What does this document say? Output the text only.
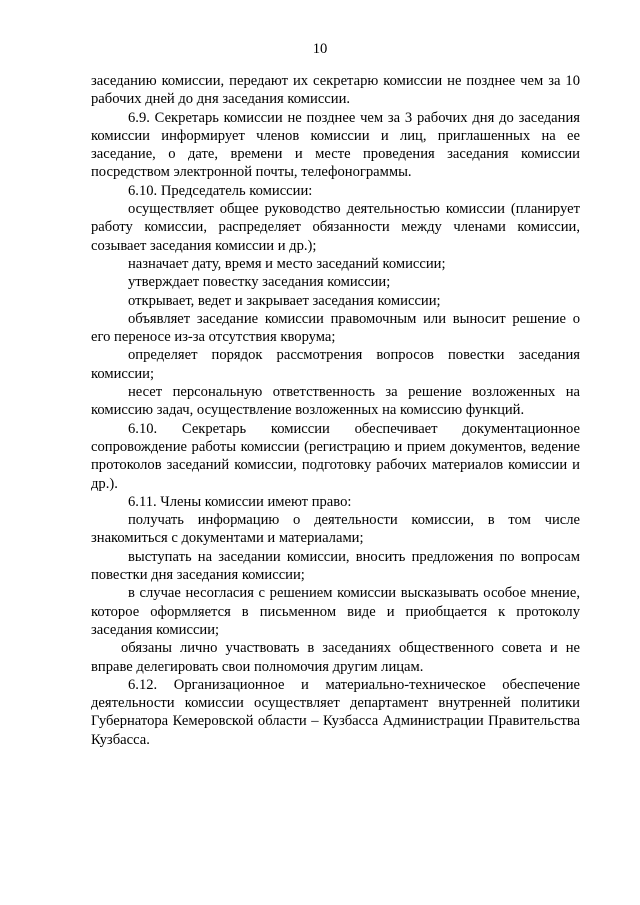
10

заседанию комиссии, передают их секретарю комиссии не позднее чем за 10 рабочих дней до дня заседания комиссии.

6.9. Секретарь комиссии не позднее чем за 3 рабочих дня до заседания комиссии информирует членов комиссии и лиц, приглашенных на ее заседание, о дате, времени и месте проведения заседания комиссии посредством электронной почты, телефонограммы.

6.10. Председатель комиссии:

осуществляет общее руководство деятельностью комиссии (планирует работу комиссии, распределяет обязанности между членами комиссии, созывает заседания комиссии и др.);

назначает дату, время и место заседаний комиссии;

утверждает повестку заседания комиссии;

открывает, ведет и закрывает заседания комиссии;

объявляет заседание комиссии правомочным или выносит решение о его переносе из-за отсутствия кворума;

определяет порядок рассмотрения вопросов повестки заседания комиссии;

несет персональную ответственность за решение возложенных на комиссию задач, осуществление возложенных на комиссию функций.

6.10. Секретарь комиссии обеспечивает документационное сопровождение работы комиссии (регистрацию и прием документов, ведение протоколов заседаний комиссии, подготовку рабочих материалов комиссии и др.).

6.11. Члены комиссии имеют право:

получать информацию о деятельности комиссии, в том числе знакомиться с документами и материалами;

выступать на заседании комиссии, вносить предложения по вопросам повестки дня заседания комиссии;

в случае несогласия с решением комиссии высказывать особое мнение, которое оформляется в письменном виде и приобщается к протоколу заседания комиссии;

обязаны лично участвовать в заседаниях общественного совета и не вправе делегировать свои полномочия другим лицам.

6.12. Организационное и материально-техническое обеспечение деятельности комиссии осуществляет департамент внутренней политики Губернатора Кемеровской области – Кузбасса Администрации Правительства Кузбасса.
